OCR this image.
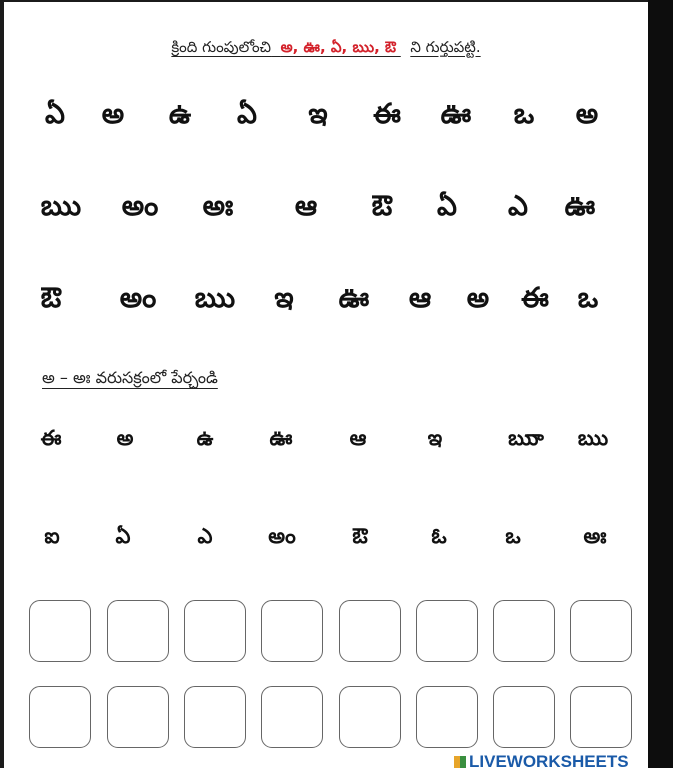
క్రింది గుంపులోంచి అ, ఊ, ఏ, ఋ, ఔ ని గుర్తుపట్టి.
ఏ అ ఉ ఏ ఇ ఈ ఊ ఒ అ
ఋ అం అః ఆ ఔ ఏ ఎ ఊ
ఔ అం ఋ ఇ ఊ ఆ అ ఈ ఒ
అ – అః వరుసక్రంలో పేర్చండి
ఈ	అ	ఉ	ఊ	ఆ	ఇ	ఋా ఋ
ఐ	ఏ	ఎ	అం	ఔ	ఓ	ఒ	అః
LIVEWORKSHEETS
